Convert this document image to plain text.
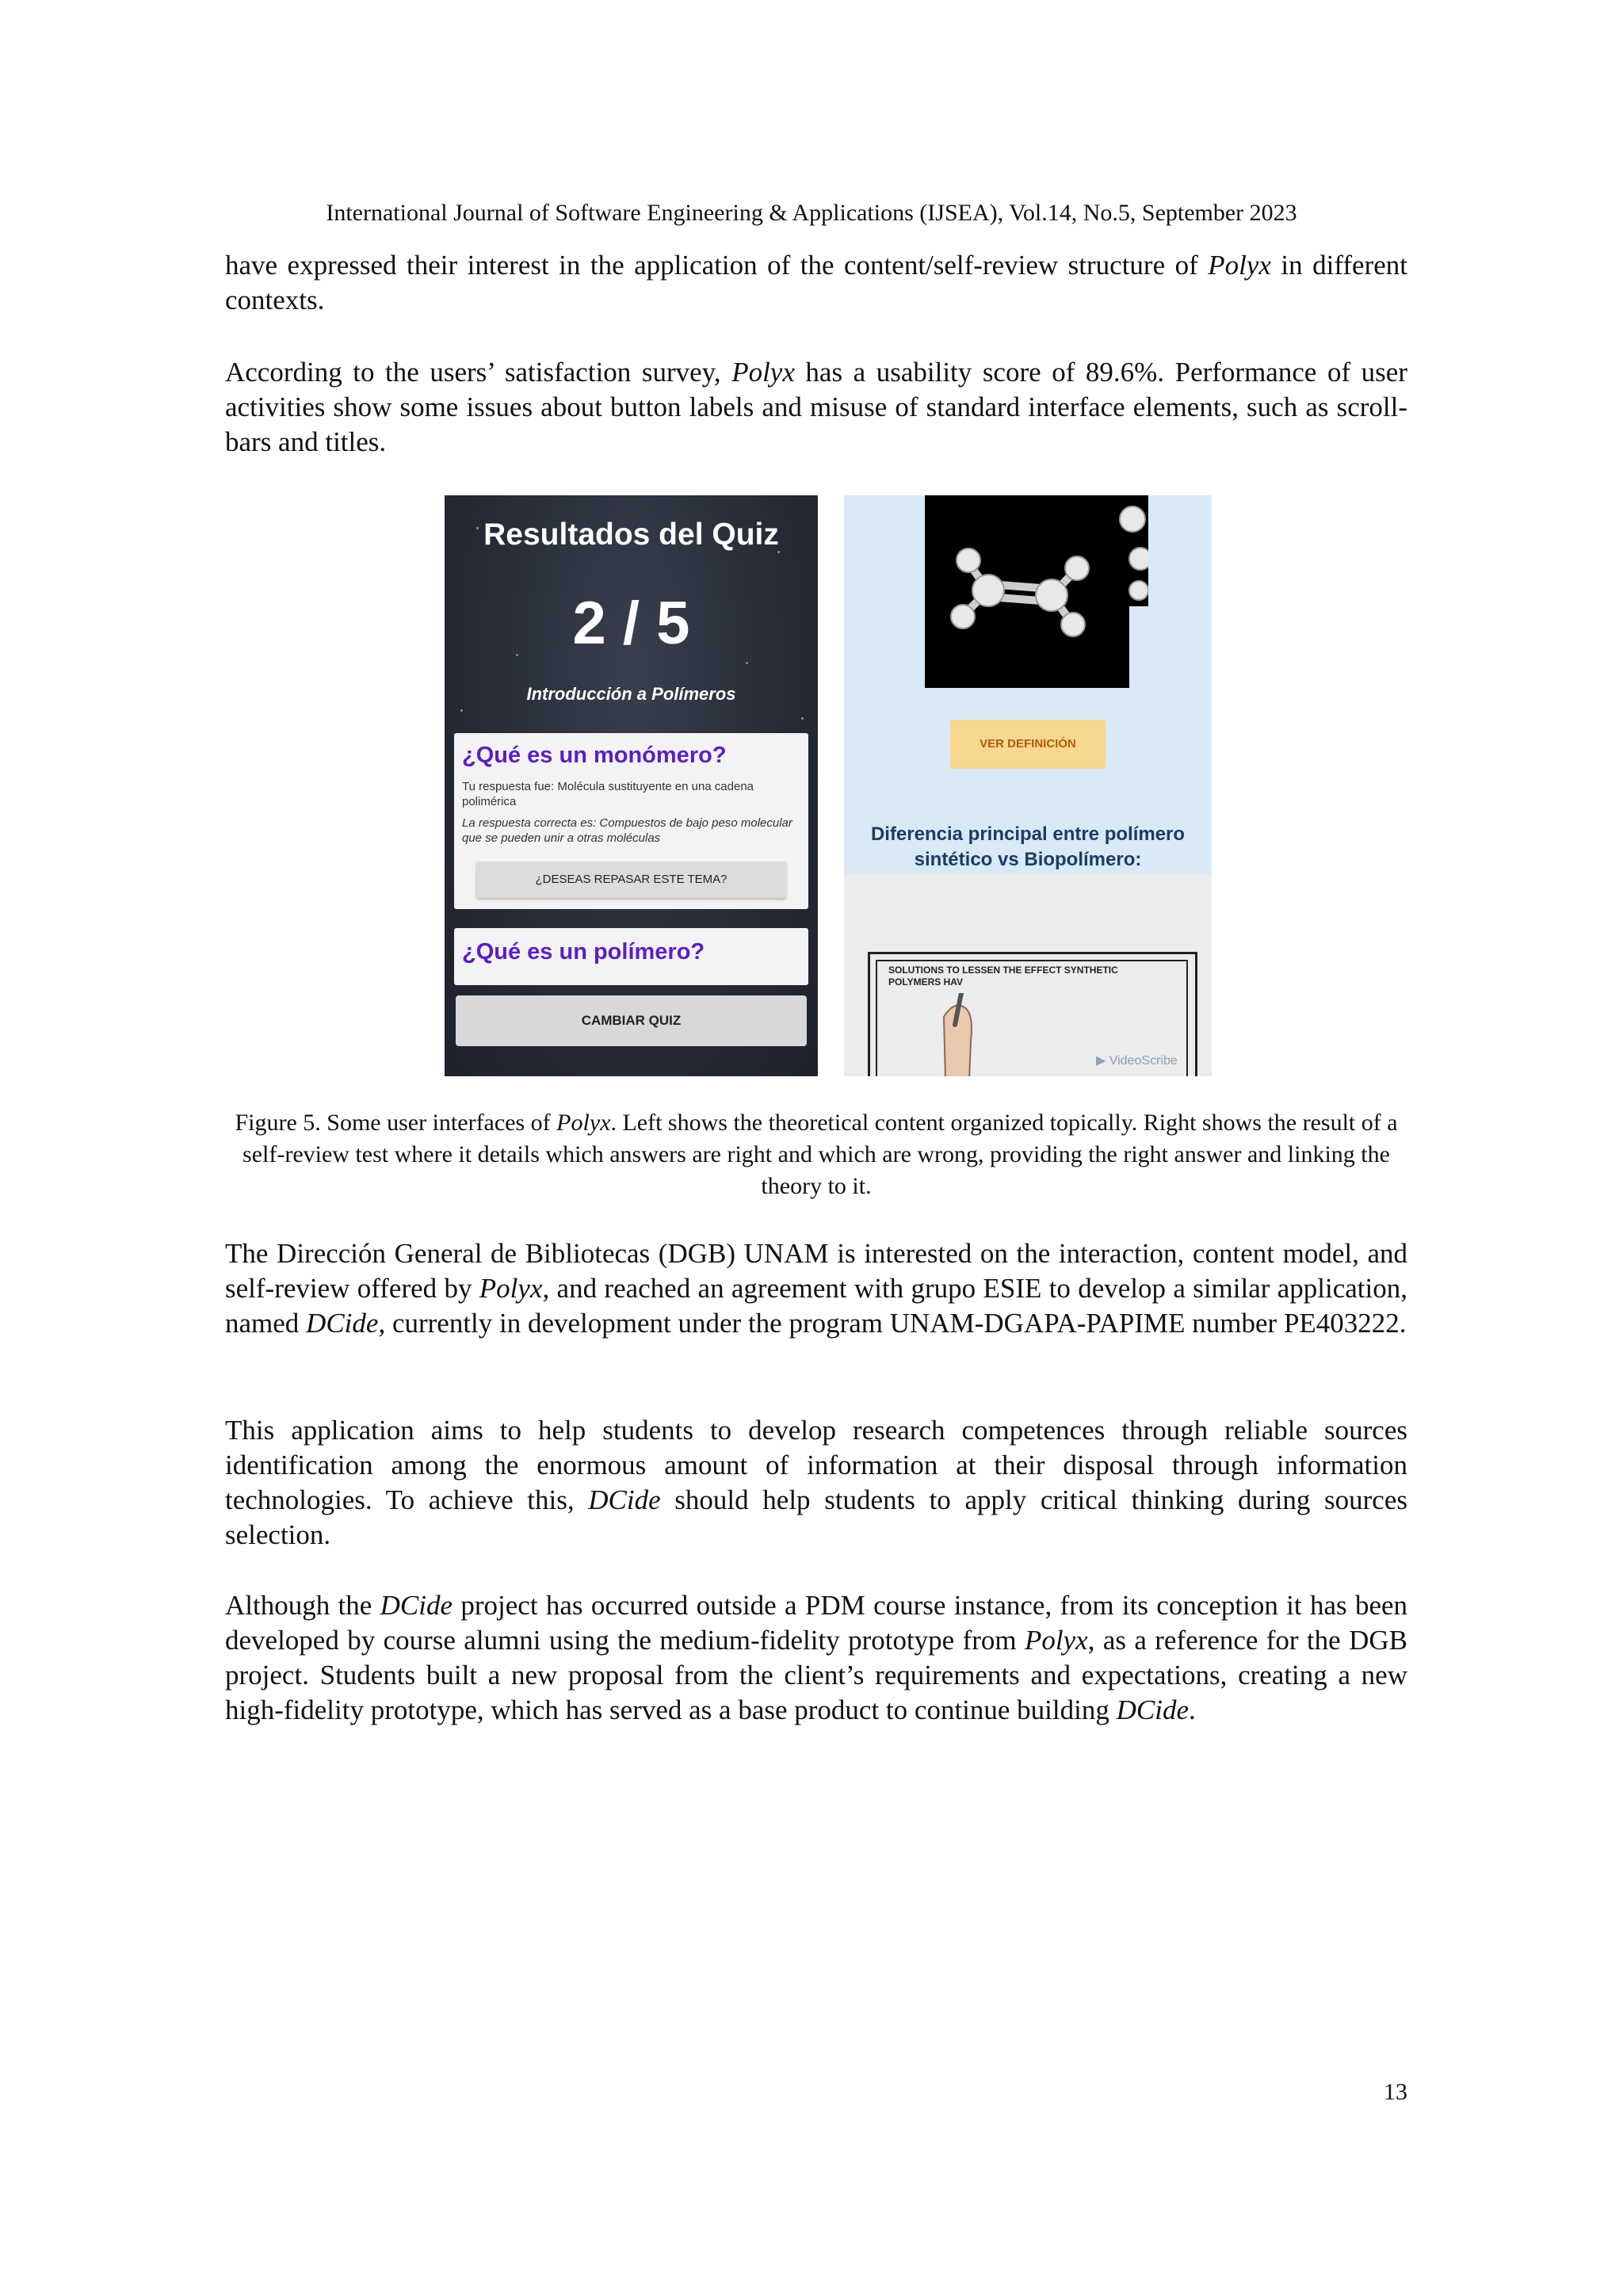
International Journal of Software Engineering & Applications (IJSEA), Vol.14, No.5, September 2023

have expressed their interest in the application of the content/self-review structure of Polyx in different contexts.

According to the users’ satisfaction survey, Polyx has a usability score of 89.6%. Performance of user activities show some issues about button labels and misuse of standard interface elements, such as scroll-bars and titles.

Resultados del Quiz
2 / 5
Introducción a Polímeros
¿Qué es un monómero?
Tu respuesta fue: Molécula sustituyente en una cadena polimérica
La respuesta correcta es: Compuestos de bajo peso molecular que se pueden unir a otras moléculas
¿DESEAS REPASAR ESTE TEMA?
¿Qué es un polímero?
CAMBIAR QUIZ
VER DEFINICIÓN
Diferencia principal entre polímero sintético vs Biopolímero:
SOLUTIONS TO LESSEN THE EFFECT SYNTHETIC POLYMERS HAV
▶ VideoScribe
Figure 5. Some user interfaces of Polyx. Left shows the theoretical content organized topically. Right shows the result of a self-review test where it details which answers are right and which are wrong, providing the right answer and linking the theory to it.

The Dirección General de Bibliotecas (DGB) UNAM is interested on the interaction, content model, and self-review offered by Polyx, and reached an agreement with grupo ESIE to develop a similar application, named DCide, currently in development under the program UNAM-DGAPA-PAPIME number PE403222.

This application aims to help students to develop research competences through reliable sources identification among the enormous amount of information at their disposal through information technologies. To achieve this, DCide should help students to apply critical thinking during sources selection.

Although the DCide project has occurred outside a PDM course instance, from its conception it has been developed by course alumni using the medium-fidelity prototype from Polyx, as a reference for the DGB project. Students built a new proposal from the client’s requirements and expectations, creating a new high-fidelity prototype, which has served as a base product to continue building DCide.

13
